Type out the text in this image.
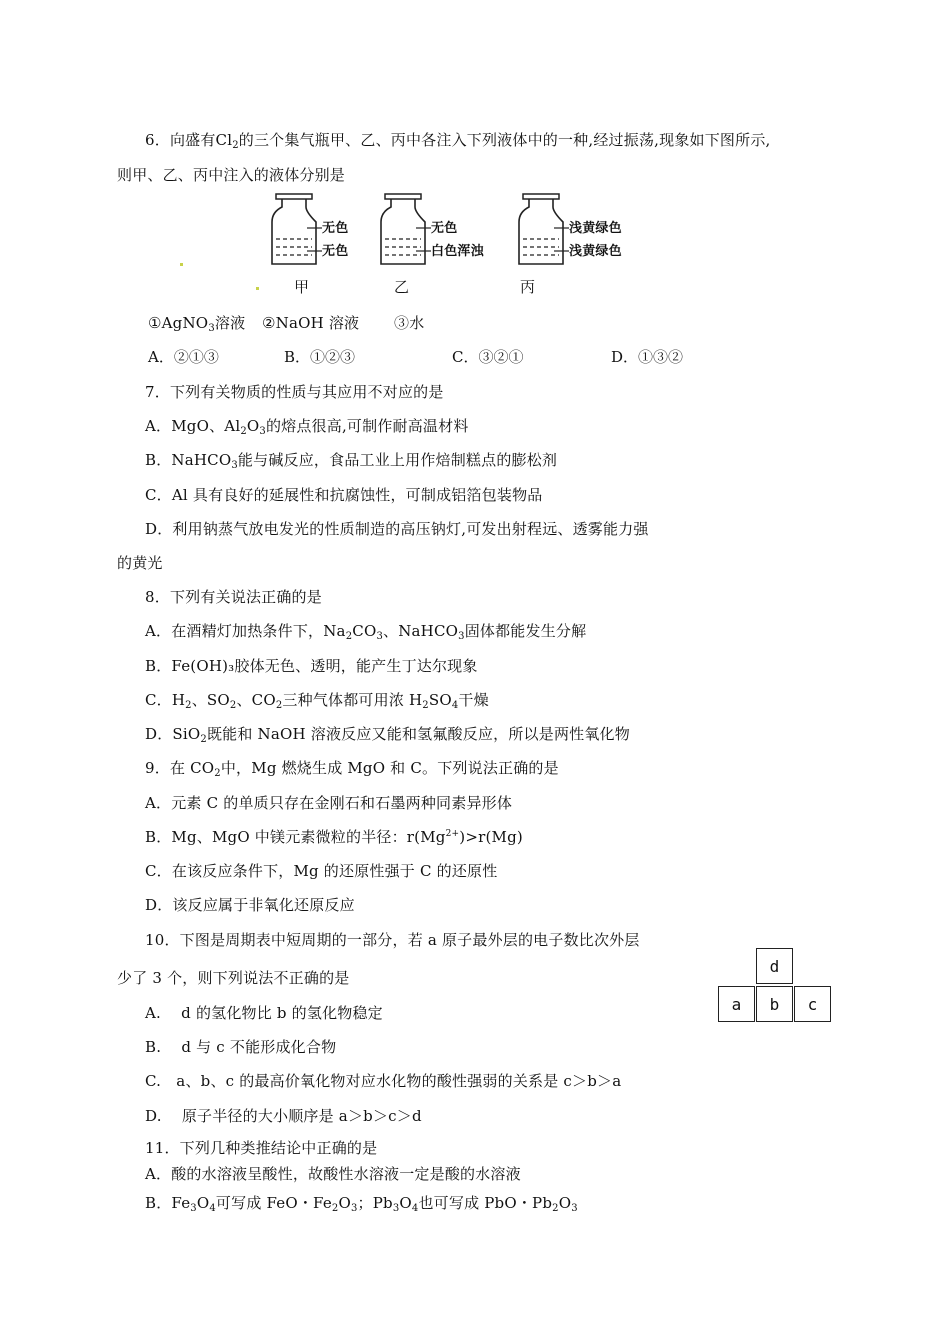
6．向盛有$Cl_2$的三个集气瓶甲、乙、丙中各注入下列液体中的一种,经过振荡,现象如下图所示,
则甲、乙、丙中注入的液体分别是
无色
无色
无色
白色浑浊
浅黄绿色
浅黄绿色
甲	乙	丙
①AgNO$_3$溶液 ②NaOH 溶液 ③水
A．②①③	B．①②③	C．③②①	D．①③②
7．下列有关物质的性质与其应用不对应的是
A．MgO、$Al_2O_3$的熔点很高,可制作耐高温材料
B．NaHCO$_3$能与碱反应，食品工业上用作焙制糕点的膨松剂
C．Al 具有良好的延展性和抗腐蚀性，可制成铝箔包装物品
D．利用钠蒸气放电发光的性质制造的高压钠灯,可发出射程远、透雾能力强
的黄光
8．下列有关说法正确的是
A．在酒精灯加热条件下，$Na_2CO_3$、NaHCO$_3$固体都能发生分解
B．Fe(OH)₃胶体无色、透明，能产生丁达尔现象
C．$H_2$、$SO_2$、$CO_2$三种气体都可用浓 $H_2SO_4$干燥
D．SiO$_2$既能和 NaOH 溶液反应又能和氢氟酸反应，所以是两性氧化物
9．在 $CO_2$中，Mg 燃烧生成 MgO 和 C。下列说法正确的是
A．元素 C 的单质只存在金刚石和石墨两种同素异形体
B．Mg、MgO 中镁元素微粒的半径：$r(Mg^{2+})>r(Mg)$
C．在该反应条件下，Mg 的还原性强于 C 的还原性
D．该反应属于非氧化还原反应
10．下图是周期表中短周期的一部分，若 a 原子最外层的电子数比次外层
少了 3 个，则下列说法不正确的是
d
a	b	c
A.　 d 的氢化物比 b 的氢化物稳定
B.　 d 与 c 不能形成化合物
C.　a、b、c 的最高价氧化物对应水化物的酸性强弱的关系是 c＞b＞a
D.　 原子半径的大小顺序是 a＞b＞c＞d
11．下列几种类推结论中正确的是
A．酸的水溶液呈酸性，故酸性水溶液一定是酸的水溶液
B．$Fe_3O_4$可写成 FeO・$Fe_2O_3$；$Pb_3O_4$也可写成 PbO・$Pb_2O_3$
